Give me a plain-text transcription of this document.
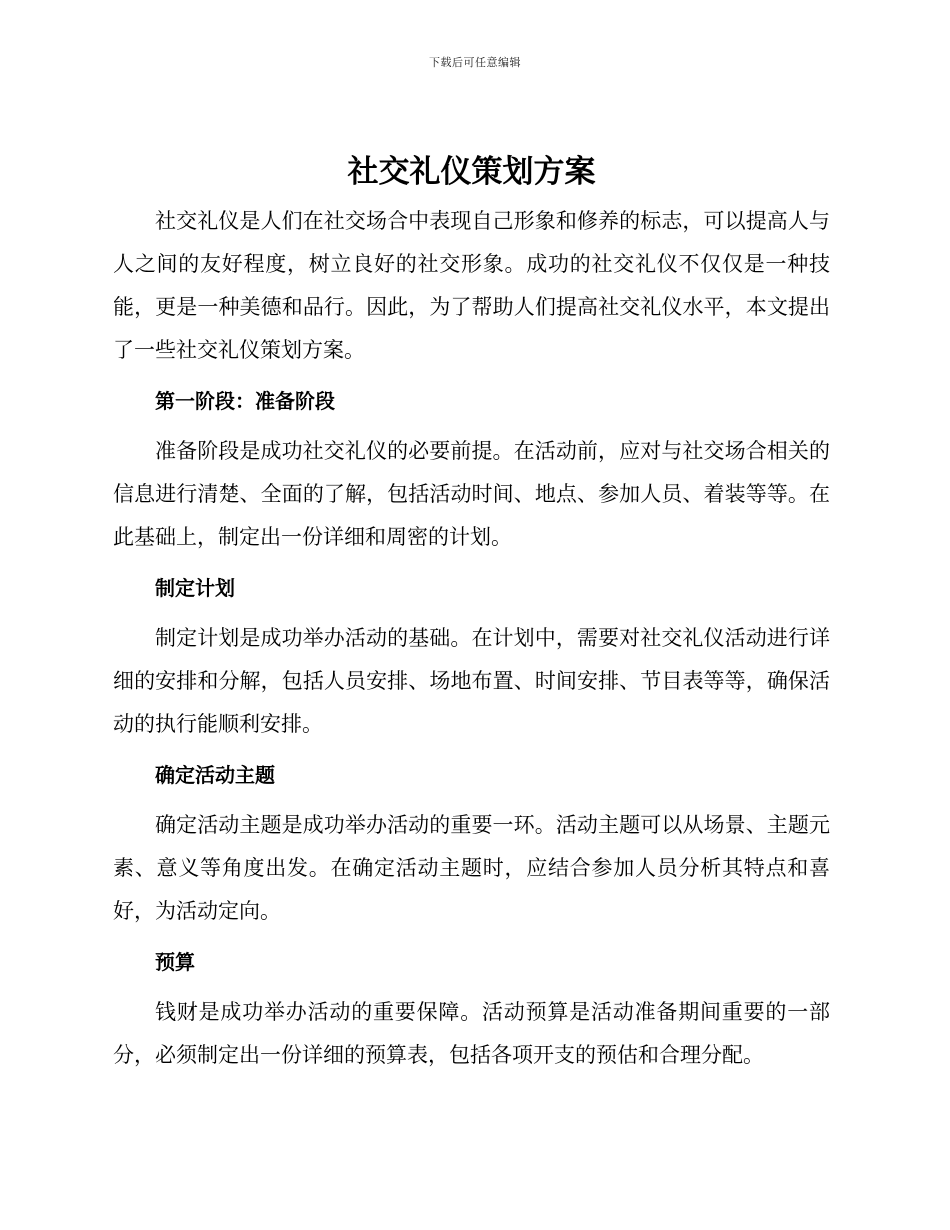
下载后可任意编辑
社交礼仪策划方案

社交礼仪是人们在社交场合中表现自己形象和修养的标志，可以提高人与人之间的友好程度，树立良好的社交形象。成功的社交礼仪不仅仅是一种技能，更是一种美德和品行。因此，为了帮助人们提高社交礼仪水平，本文提出了一些社交礼仪策划方案。

第一阶段：准备阶段

准备阶段是成功社交礼仪的必要前提。在活动前，应对与社交场合相关的信息进行清楚、全面的了解，包括活动时间、地点、参加人员、着装等等。在此基础上，制定出一份详细和周密的计划。

制定计划

制定计划是成功举办活动的基础。在计划中，需要对社交礼仪活动进行详细的安排和分解，包括人员安排、场地布置、时间安排、节目表等等，确保活动的执行能顺利安排。

确定活动主题

确定活动主题是成功举办活动的重要一环。活动主题可以从场景、主题元素、意义等角度出发。在确定活动主题时，应结合参加人员分析其特点和喜好，为活动定向。

预算

钱财是成功举办活动的重要保障。活动预算是活动准备期间重要的一部分，必须制定出一份详细的预算表，包括各项开支的预估和合理分配。
